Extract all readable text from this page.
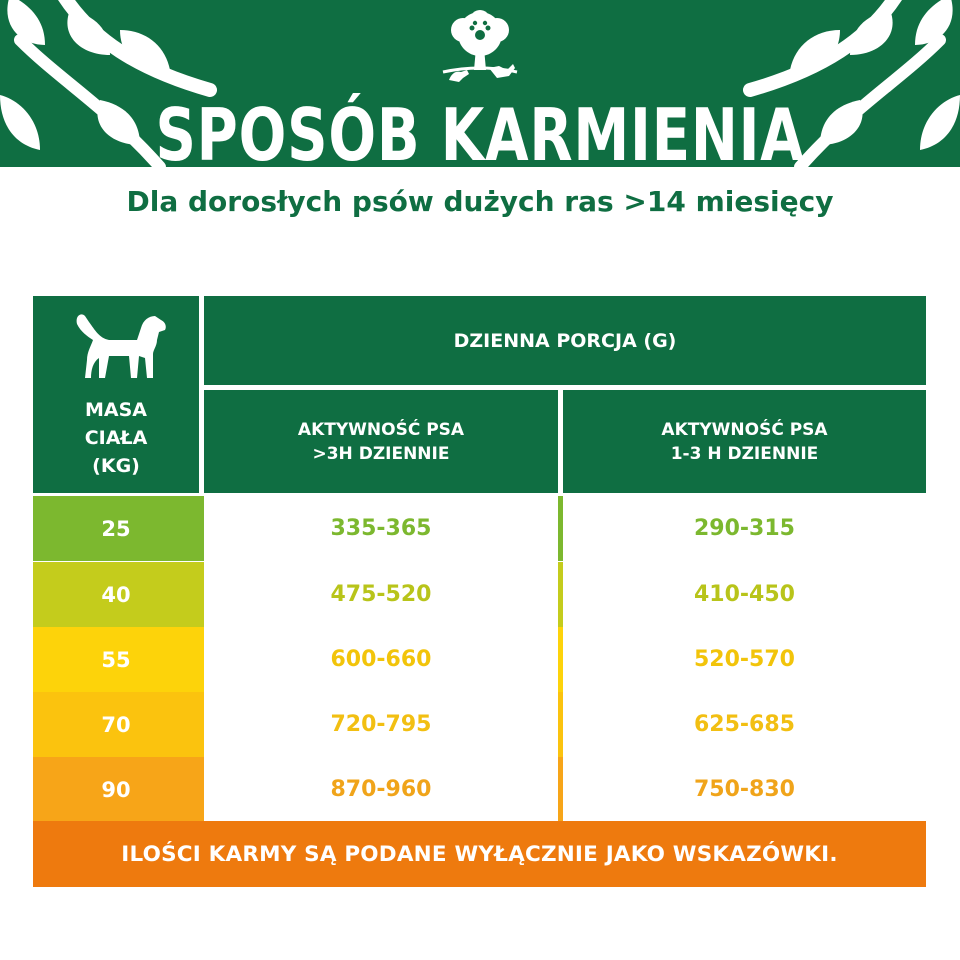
SPOSÓB KARMIENIA
Dla dorosłych psów dużych ras >14 miesięcy
MASA
CIAŁA
(KG)
DZIENNA PORCJA (G)
AKTYWNOŚĆ PSA
>3H DZIENNIE
AKTYWNOŚĆ PSA
1-3 H DZIENNIE
25	335-365	290-315
40	475-520	410-450
55	600-660	520-570
70	720-795	625-685
90	870-960	750-830
ILOŚCI KARMY SĄ PODANE WYŁĄCZNIE JAKO WSKAZÓWKI.
